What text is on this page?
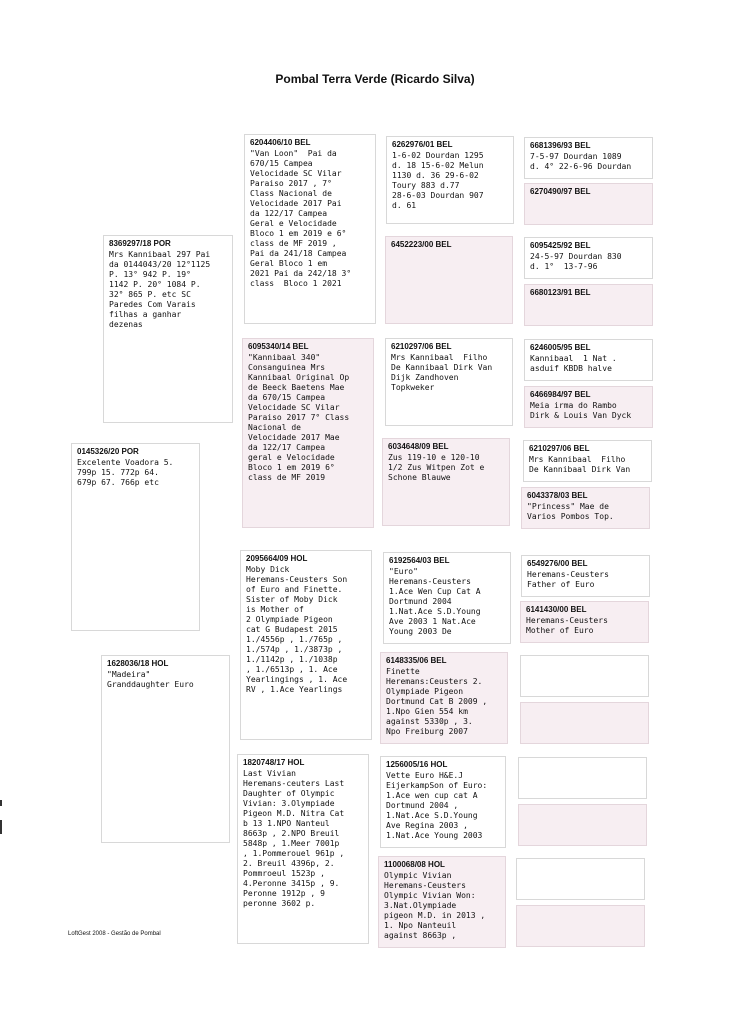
Pombal Terra Verde (Ricardo Silva)
0145326/20 POR
Excelente Voadora 5.
799p 15. 772p 64.
679p 67. 766p etc
1628036/18 HOL
"Madeira"
Granddaughter Euro
8369297/18 POR
Mrs Kannibaal 297 Pai
da 0144043/20 12°1125
P. 13° 942 P. 19°
1142 P. 20° 1084 P.
32° 865 P. etc SC
Paredes Com Varais
filhas a ganhar
dezenas
6204406/10 BEL
"Van Loon"  Pai da
670/15 Campea
Velocidade SC Vilar
Paraiso 2017 , 7°
Class Nacional de
Velocidade 2017 Pai
da 122/17 Campea
Geral e Velocidade
Bloco 1 em 2019 e 6°
class de MF 2019 ,
Pai da 241/18 Campea
Geral Bloco 1 em
2021 Pai da 242/18 3°
class  Bloco 1 2021
6095340/14 BEL
"Kannibaal 340"
Consanguinea Mrs
Kannibaal Original Op
de Beeck Baetens Mae
da 670/15 Campea
Velocidade SC Vilar
Paraiso 2017 7° Class
Nacional de
Velocidade 2017 Mae
da 122/17 Campea
geral e Velocidade
Bloco 1 em 2019 6°
class de MF 2019
2095664/09 HOL
Moby Dick
Heremans-Ceusters Son
of Euro and Finette.
Sister of Moby Dick
is Mother of
2 Olympiade Pigeon
cat G Budapest 2015
1./4556p , 1./765p ,
1./574p , 1./3873p ,
1./1142p , 1./1038p
, 1./6513p , 1. Ace
Yearlingings , 1. Ace
RV , 1.Ace Yearlings
1820748/17 HOL
Last Vivian
Heremans-ceuters Last
Daughter of Olympic
Vivian: 3.Olympiade
Pigeon M.D. Nitra Cat
b 13 1.NPO Nanteul
8663p , 2.NPO Breuil
5848p , 1.Meer 7001p
, 1.Pommerouel 961p ,
2. Breuil 4396p, 2.
Pommroeul 1523p ,
4.Peronne 3415p , 9.
Peronne 1912p , 9
peronne 3602 p.
6262976/01 BEL
1-6-02 Dourdan 1295
d. 18 15-6-02 Melun
1130 d. 36 29-6-02
Toury 883 d.77
28-6-03 Dourdan 907
d. 61
6452223/00 BEL
6210297/06 BEL
Mrs Kannibaal  Filho
De Kannibaal Dirk Van
Dijk Zandhoven
Topkweker
6034648/09 BEL
Zus 119-10 e 120-10
1/2 Zus Witpen Zot e
Schone Blauwe
6192564/03 BEL
"Euro"
Heremans-Ceusters
1.Ace Wen Cup Cat A
Dortmund 2004
1.Nat.Ace S.D.Young
Ave 2003 1 Nat.Ace
Young 2003 De
6148335/06 BEL
Finette
Heremans:Ceusters 2.
Olympiade Pigeon
Dortmund Cat B 2009 ,
1.Npo Gien 554 km
against 5330p , 3.
Npo Freiburg 2007
1256005/16 HOL
Vette Euro H&E.J
EijerkampSon of Euro:
1.Ace wen cup cat A
Dortmund 2004 ,
1.Nat.Ace S.D.Young
Ave Regina 2003 ,
1.Nat.Ace Young 2003
1100068/08 HOL
Olympic Vivian
Heremans-Ceusters
Olympic Vivian Won:
3.Nat.Olympiade
pigeon M.D. in 2013 ,
1. Npo Nanteuil
against 8663p ,
6681396/93 BEL
7-5-97 Dourdan 1089
d. 4° 22-6-96 Dourdan
6270490/97 BEL
6095425/92 BEL
24-5-97 Dourdan 830
d. 1°  13-7-96
6680123/91 BEL
6246005/95 BEL
Kannibaal  1 Nat .
asduif KBDB halve
6466984/97 BEL
Meia irma do Rambo
Dirk & Louis Van Dyck
6210297/06 BEL
Mrs Kannibaal  Filho
De Kannibaal Dirk Van
6043378/03 BEL
"Princess" Mae de
Varios Pombos Top.
6549276/00 BEL
Heremans-Ceusters
Father of Euro
6141430/00 BEL
Heremans-Ceusters
Mother of Euro
LoftGest 2008 - Gestão de Pombal
